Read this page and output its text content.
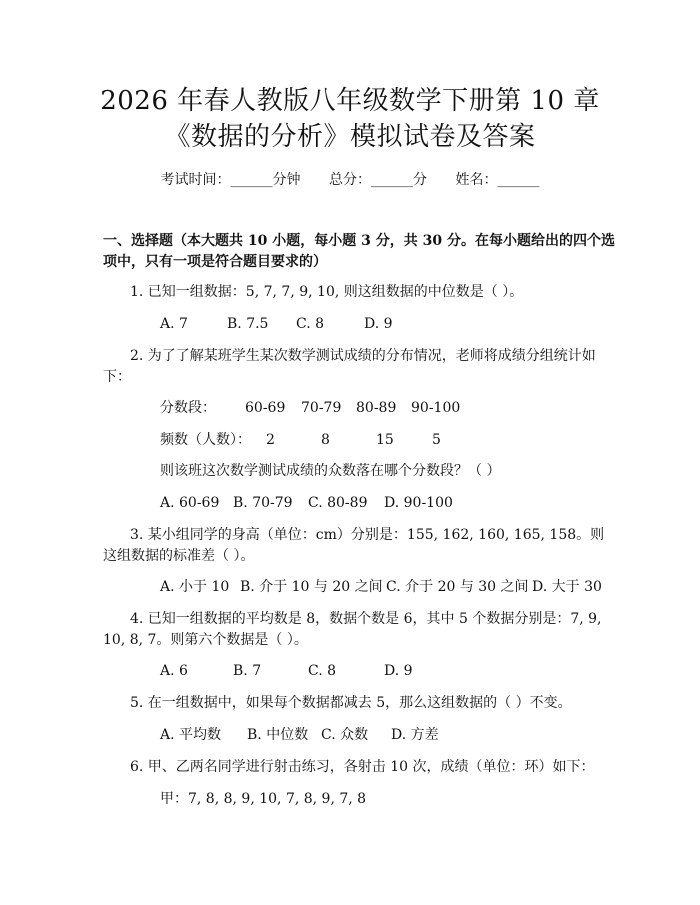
2026 年春人教版八年级数学下册第 10 章
《数据的分析》模拟试卷及答案
考试时间：______分钟 总分：______分 姓名：______
一、选择题（本大题共 10 小题，每小题 3 分，共 30 分。在每小题给出的四个选
项中，只有一项是符合题目要求的）
1. 已知一组数据：5, 7, 7, 9, 10, 则这组数据的中位数是（ ）。
A. 7	B. 7.5 C. 8	D. 9
2. 为了了解某班学生某次数学测试成绩的分布情况，老师将成绩分组统计如
下：
分数段： 60-69 70-79 80-89 90-100
频数（人数）： 2	8	15	5
则该班这次数学测试成绩的众数落在哪个分数段？（ ）
A. 60-69 B. 70-79 C. 80-89 D. 90-100
3. 某小组同学的身高（单位：cm）分别是：155, 162, 160, 165, 158。则
这组数据的标准差（ ）。
A. 小于 10 B. 介于 10 与 20 之间 C. 介于 20 与 30 之间 D. 大于 30
4. 已知一组数据的平均数是 8，数据个数是 6，其中 5 个数据分别是：7, 9,
10, 8, 7。则第六个数据是（ ）。
A. 6	B. 7	C. 8	D. 9
5. 在一组数据中，如果每个数据都减去 5，那么这组数据的（ ）不变。
A. 平均数 B. 中位数 C. 众数 D. 方差
6. 甲、乙两名同学进行射击练习，各射击 10 次，成绩（单位：环）如下：
甲：7, 8, 8, 9, 10, 7, 8, 9, 7, 8
